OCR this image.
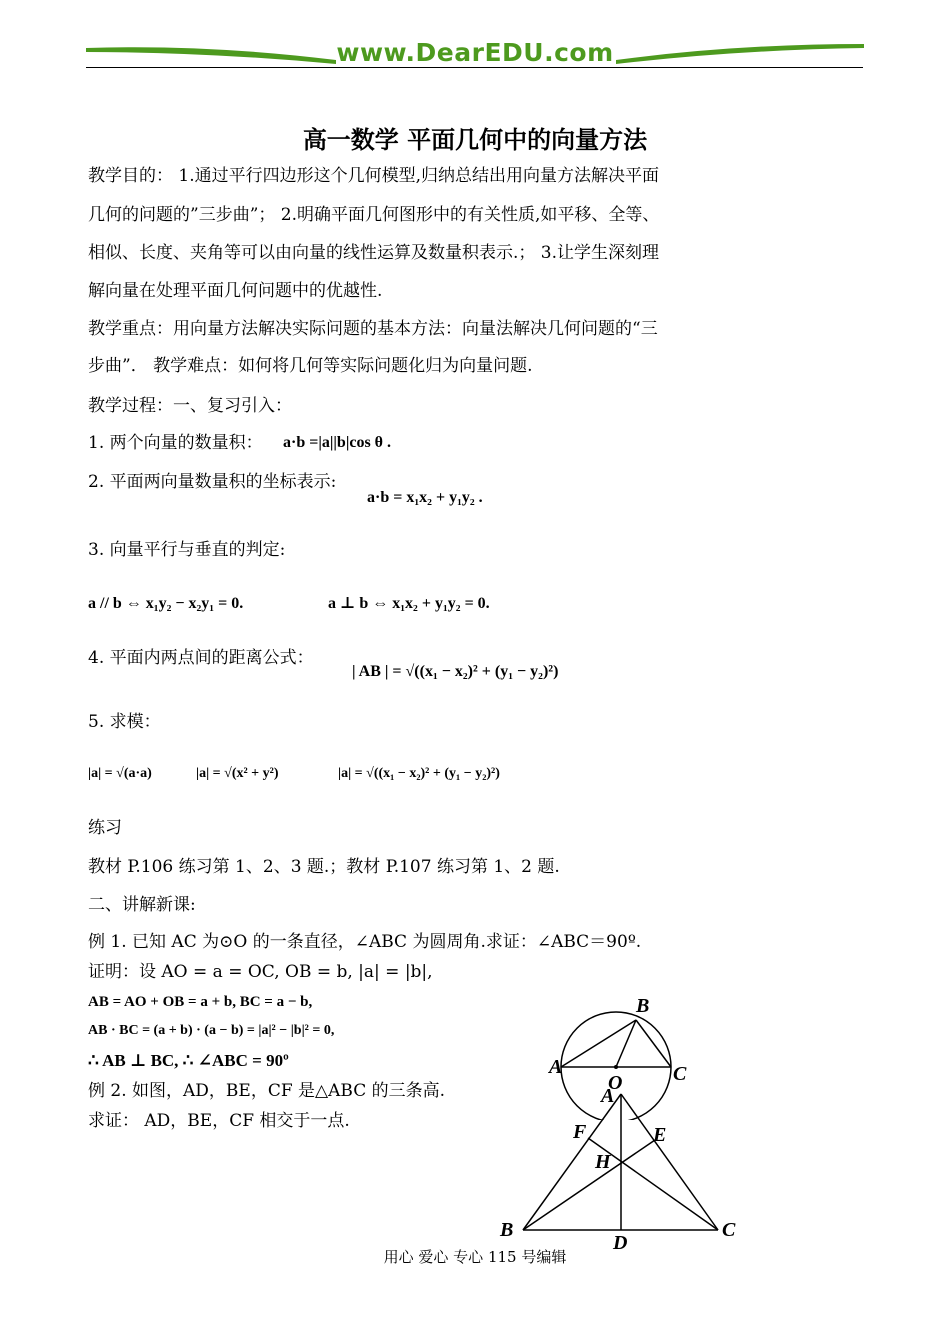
www.DearEDU.com
高一数学 平面几何中的向量方法
教学目的： 1.通过平行四边形这个几何模型,归纳总结出用向量方法解决平面
几何的问题的”三步曲”； 2.明确平面几何图形中的有关性质,如平移、全等、
相似、长度、夹角等可以由向量的线性运算及数量积表示.； 3.让学生深刻理
解向量在处理平面几何问题中的优越性.
教学重点：用向量方法解决实际问题的基本方法：向量法解决几何问题的“三
步曲”． 教学难点：如何将几何等实际问题化归为向量问题.
教学过程：一、复习引入：
1. 两个向量的数量积： a·b =|a||b|cos θ .
2. 平面两向量数量积的坐标表示:
a·b = x₁x₂ + y₁y₂ .
3. 向量平行与垂直的判定:
a // b ⇔ x₁y₂ − x₂y₁ = 0.	a ⊥ b ⇔ x₁x₂ + y₁y₂ = 0.
4. 平面内两点间的距离公式：
| AB | = √((x₁ − x₂)² + (y₁ − y₂)²)
5. 求模：
|a| = √(a·a)	|a| = √(x² + y²)	|a| = √((x₁ − x₂)² + (y₁ − y₂)²)
练习
教材 P.106 练习第 1、2、3 题.；教材 P.107 练习第 1、2 题.
二、讲解新课:
例 1. 已知 AC 为⊙O 的一条直径，∠ABC 为圆周角.求证：∠ABC＝90º.
证明：设 AO = a = OC, OB = b, |a| = |b|,
AB = AO + OB = a + b, BC = a − b,
AB · BC = (a + b) · (a − b) = |a|² − |b|² = 0,
∴ AB ⊥ BC, ∴ ∠ABC = 90º
例 2. 如图，AD，BE，CF 是△ABC 的三条高.
求证： AD，BE，CF 相交于一点.
B
A	C
O
A
F	E
H
B	C
D
用心 爱心 专心 115 号编辑
